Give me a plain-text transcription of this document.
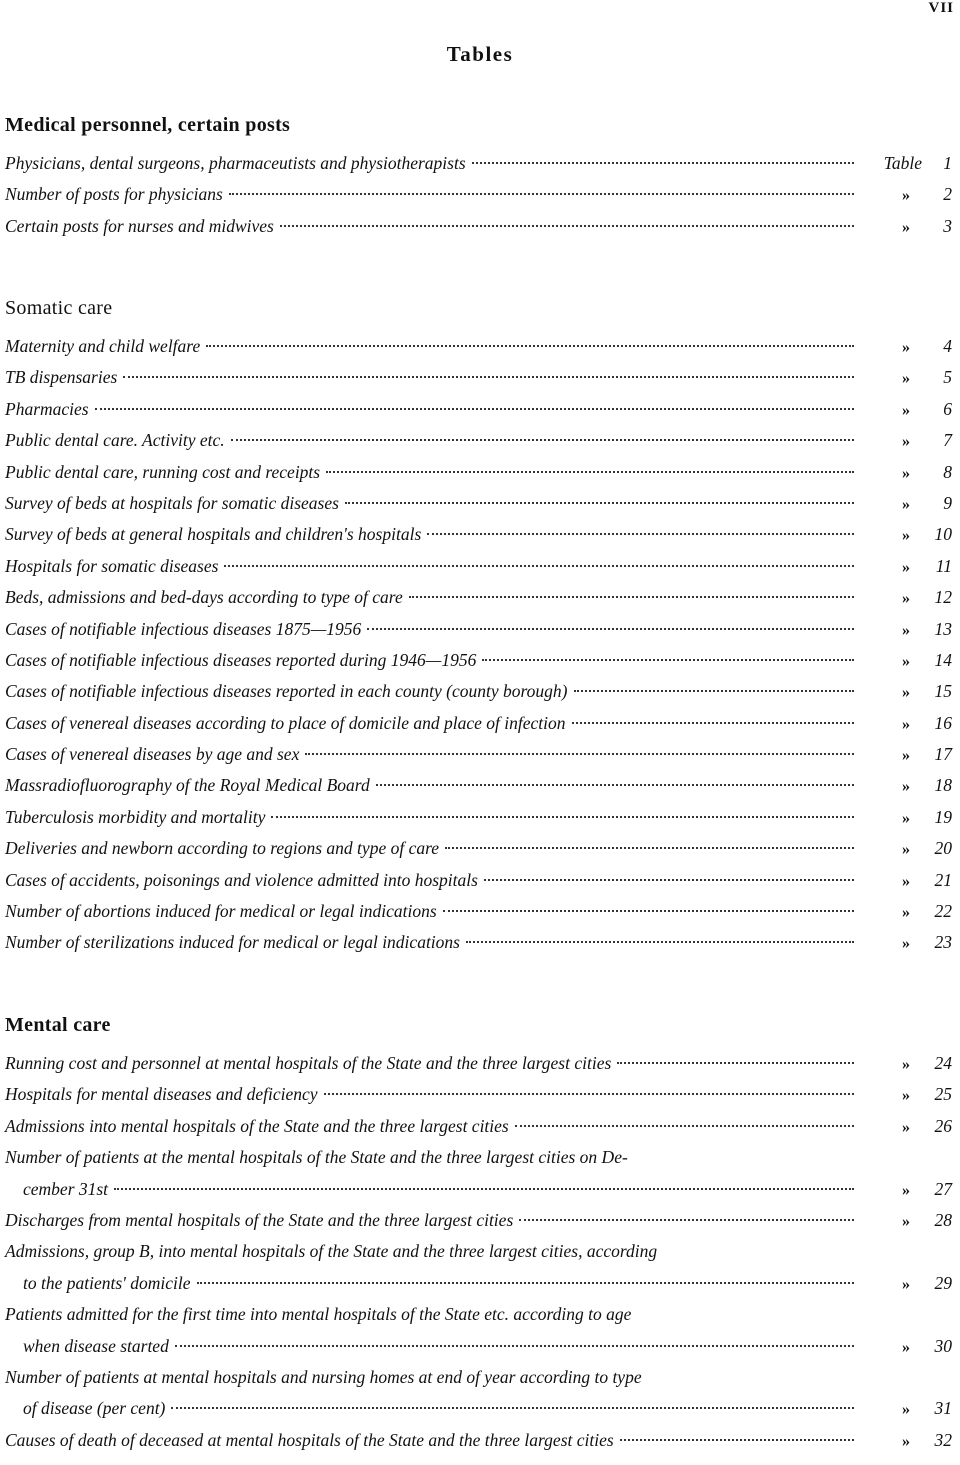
VII
Tables
Medical personnel, certain posts
Physicians, dental surgeons, pharmaceutists and physiotherapists	Table	1
Number of posts for physicians	»	2
Certain posts for nurses and midwives	»	3
Somatic care
Maternity and child welfare	»	4
TB dispensaries	»	5
Pharmacies	»	6
Public dental care. Activity etc.	»	7
Public dental care, running cost and receipts	»	8
Survey of beds at hospitals for somatic diseases	»	9
Survey of beds at general hospitals and children's hospitals	»	10
Hospitals for somatic diseases	»	11
Beds, admissions and bed-days according to type of care	»	12
Cases of notifiable infectious diseases 1875—1956	»	13
Cases of notifiable infectious diseases reported during 1946—1956	»	14
Cases of notifiable infectious diseases reported in each county (county borough)	»	15
Cases of venereal diseases according to place of domicile and place of infection	»	16
Cases of venereal diseases by age and sex	»	17
Massradiofluorography of the Royal Medical Board	»	18
Tuberculosis morbidity and mortality	»	19
Deliveries and newborn according to regions and type of care	»	20
Cases of accidents, poisonings and violence admitted into hospitals	»	21
Number of abortions induced for medical or legal indications	»	22
Number of sterilizations induced for medical or legal indications	»	23
Mental care
Running cost and personnel at mental hospitals of the State and the three largest cities	»	24
Hospitals for mental diseases and deficiency	»	25
Admissions into mental hospitals of the State and the three largest cities	»	26
Number of patients at the mental hospitals of the State and the three largest cities on De-
cember 31st	»	27
Discharges from mental hospitals of the State and the three largest cities	»	28
Admissions, group B, into mental hospitals of the State and the three largest cities, according
to the patients' domicile	»	29
Patients admitted for the first time into mental hospitals of the State etc. according to age
when disease started	»	30
Number of patients at mental hospitals and nursing homes at end of year according to type
of disease (per cent)	»	31
Causes of death of deceased at mental hospitals of the State and the three largest cities	»	32
